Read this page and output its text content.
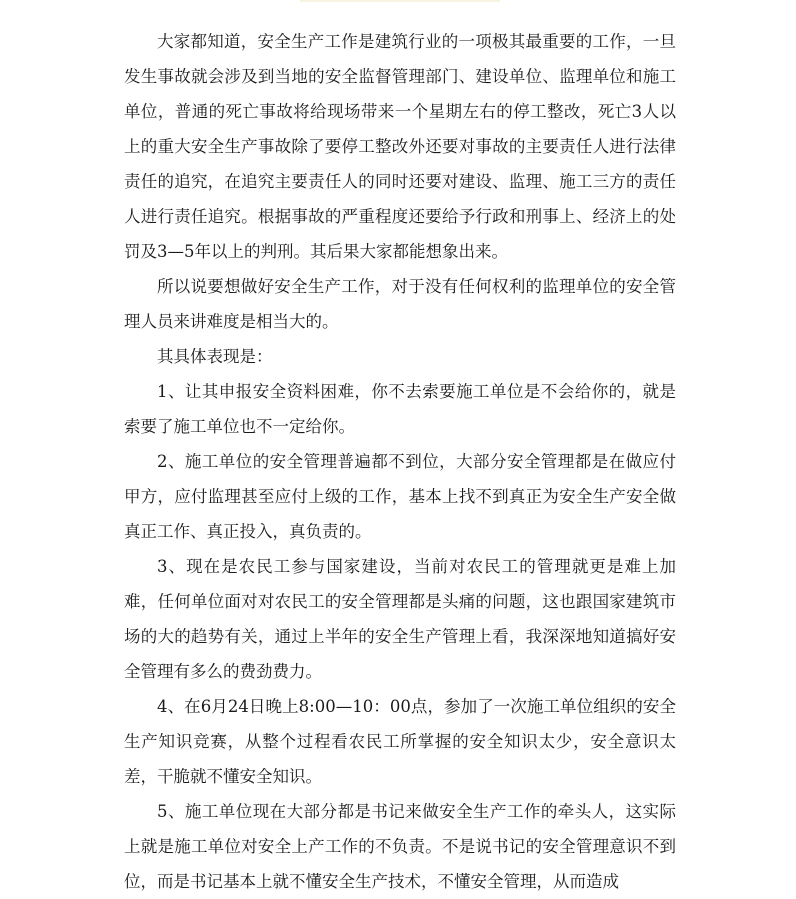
大家都知道，安全生产工作是建筑行业的一项极其最重要的工作，一旦发生事故就会涉及到当地的安全监督管理部门、建设单位、监理单位和施工单位，普通的死亡事故将给现场带来一个星期左右的停工整改，死亡3人以上的重大安全生产事故除了要停工整改外还要对事故的主要责任人进行法律责任的追究，在追究主要责任人的同时还要对建设、监理、施工三方的责任人进行责任追究。根据事故的严重程度还要给予行政和刑事上、经济上的处罚及3—5年以上的判刑。其后果大家都能想象出来。

所以说要想做好安全生产工作，对于没有任何权利的监理单位的安全管理人员来讲难度是相当大的。

其具体表现是：

1、让其申报安全资料困难，你不去索要施工单位是不会给你的，就是索要了施工单位也不一定给你。

2、施工单位的安全管理普遍都不到位，大部分安全管理都是在做应付甲方，应付监理甚至应付上级的工作，基本上找不到真正为安全生产安全做真正工作、真正投入，真负责的。

3、现在是农民工参与国家建设，当前对农民工的管理就更是难上加难，任何单位面对对农民工的安全管理都是头痛的问题，这也跟国家建筑市场的大的趋势有关，通过上半年的安全生产管理上看，我深深地知道搞好安全管理有多么的费劲费力。

4、在6月24日晚上8:00—10：00点，参加了一次施工单位组织的安全生产知识竞赛，从整个过程看农民工所掌握的安全知识太少，安全意识太差，干脆就不懂安全知识。

5、施工单位现在大部分都是书记来做安全生产工作的牵头人，这实际上就是施工单位对安全上产工作的不负责。不是说书记的安全管理意识不到位，而是书记基本上就不懂安全生产技术，不懂安全管理，从而造成
